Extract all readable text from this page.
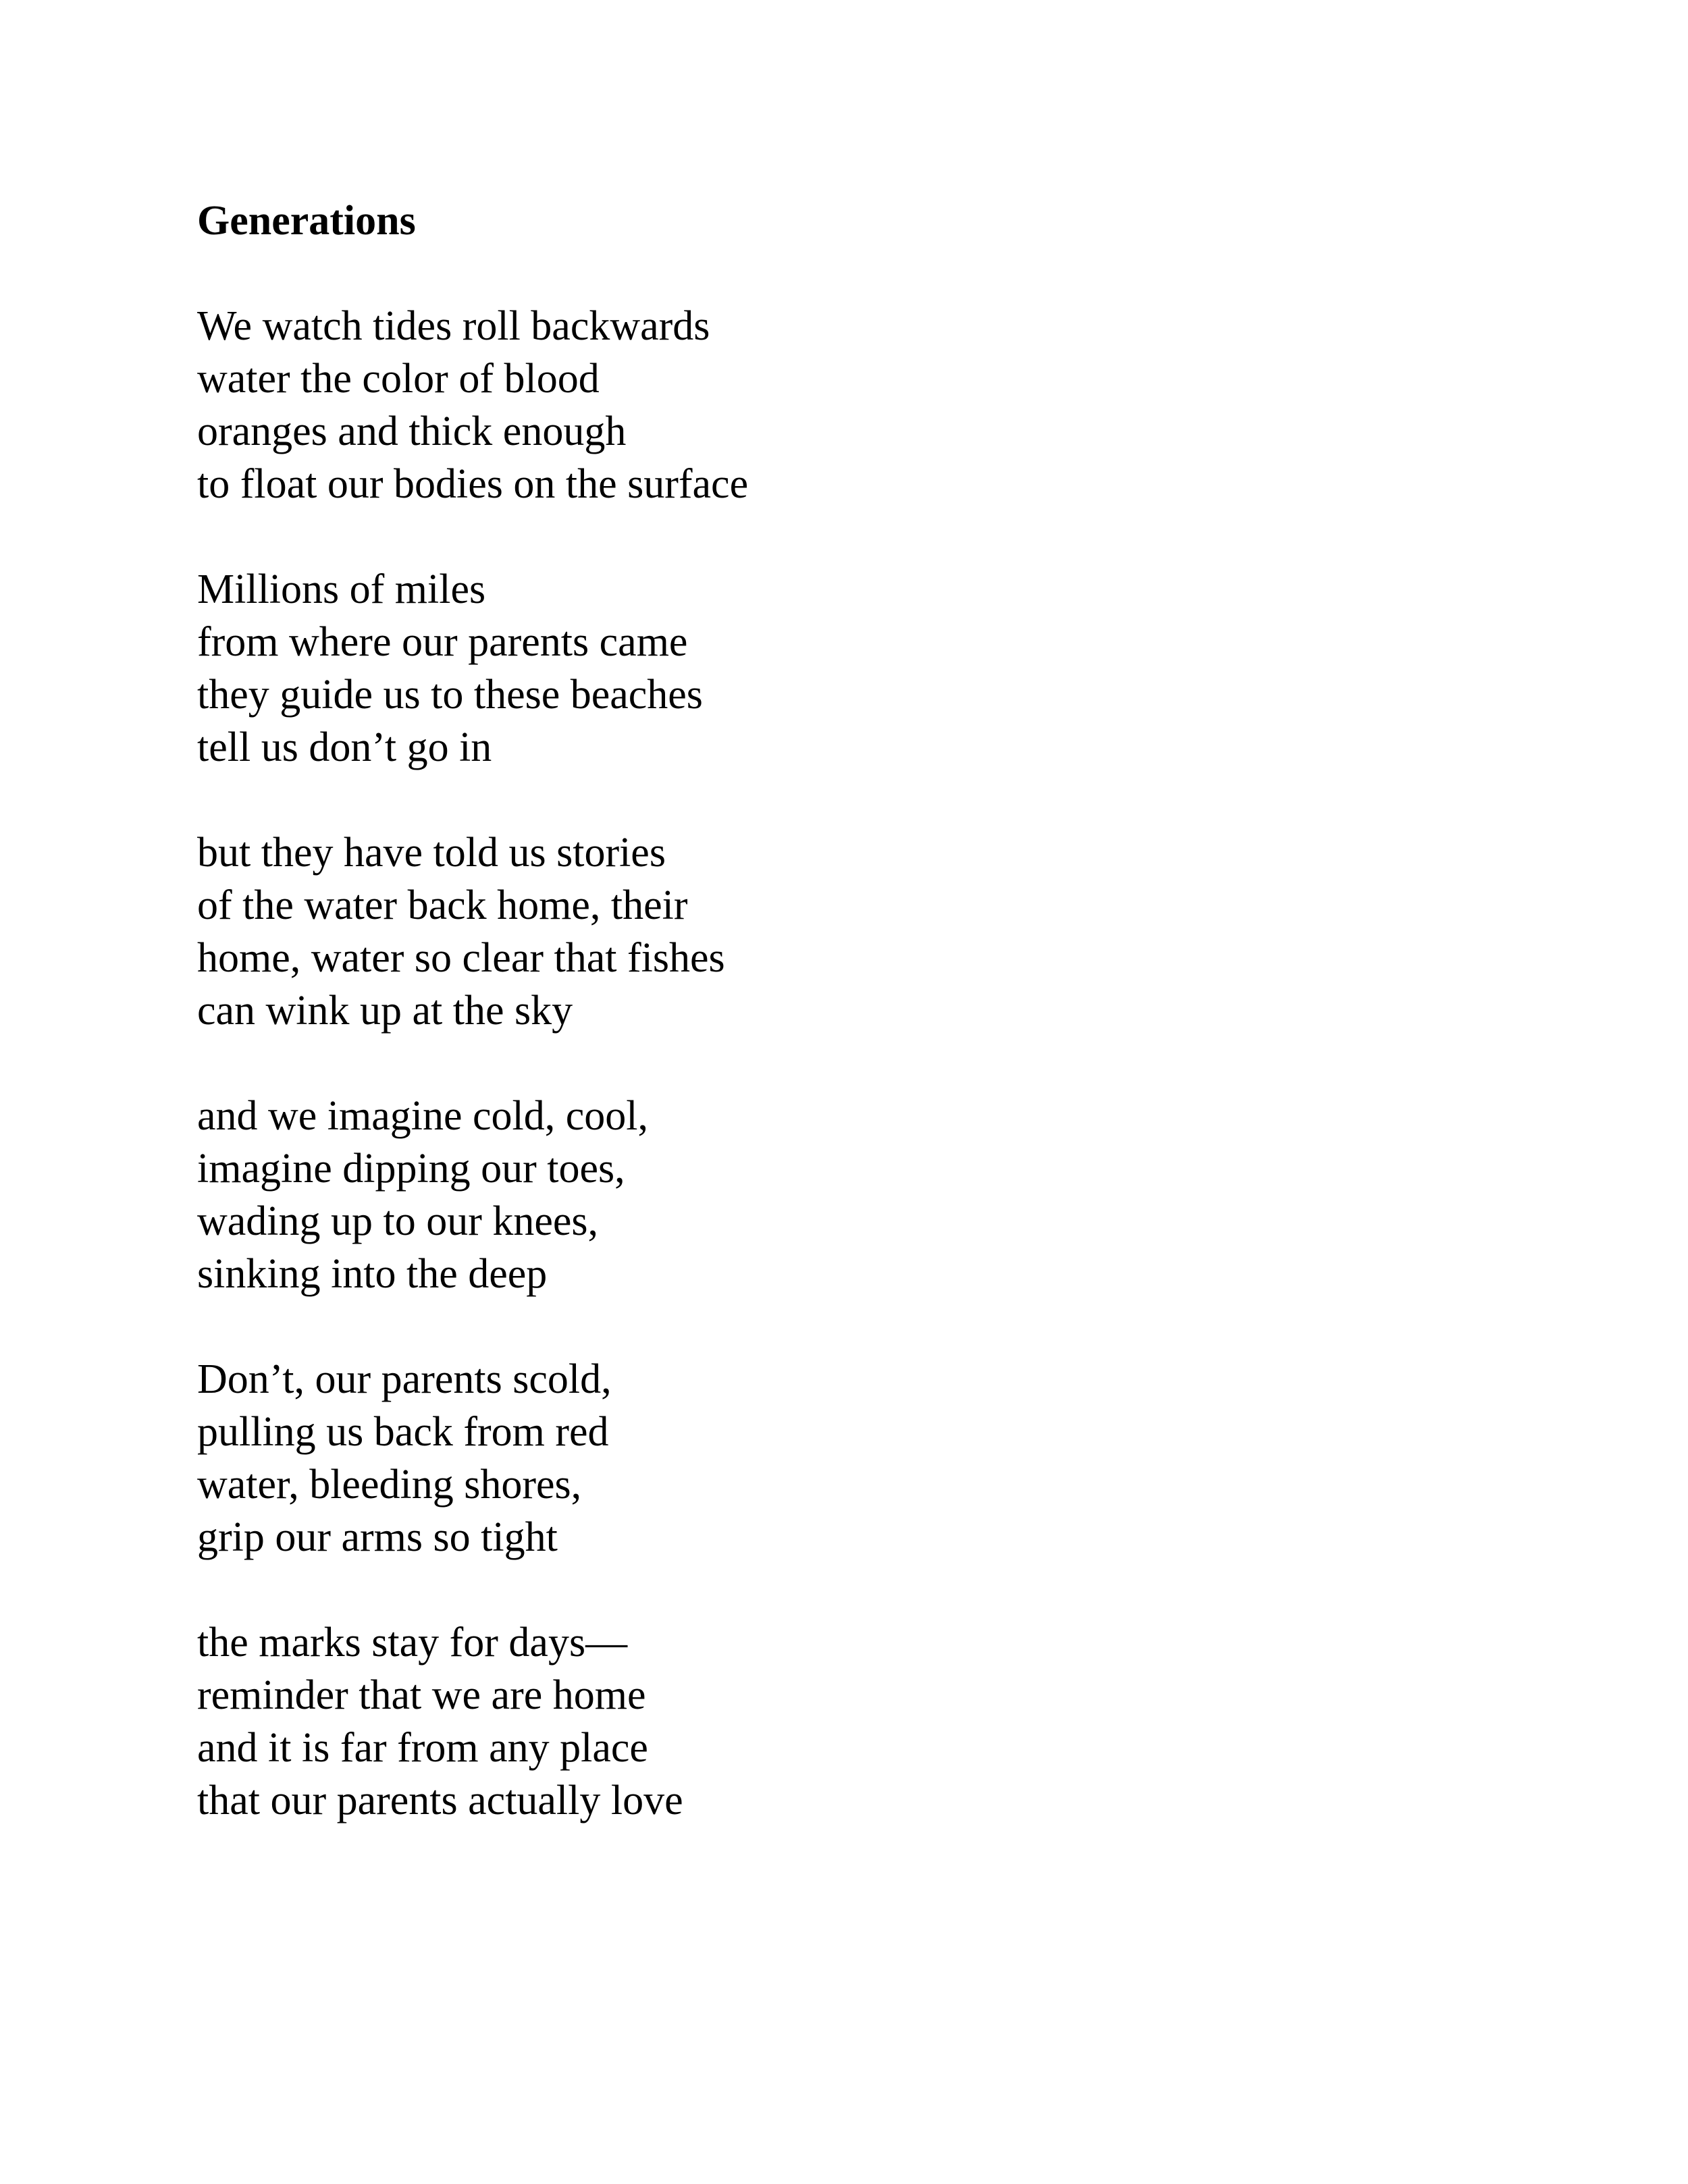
Generations
We watch tides roll backwards
water the color of blood
oranges and thick enough
to float our bodies on the surface
Millions of miles
from where our parents came
they guide us to these beaches
tell us don’t go in
but they have told us stories
of the water back home, their
home, water so clear that fishes
can wink up at the sky
and we imagine cold, cool,
imagine dipping our toes,
wading up to our knees,
sinking into the deep
Don’t, our parents scold,
pulling us back from red
water, bleeding shores,
grip our arms so tight
the marks stay for days—
reminder that we are home
and it is far from any place
that our parents actually love
